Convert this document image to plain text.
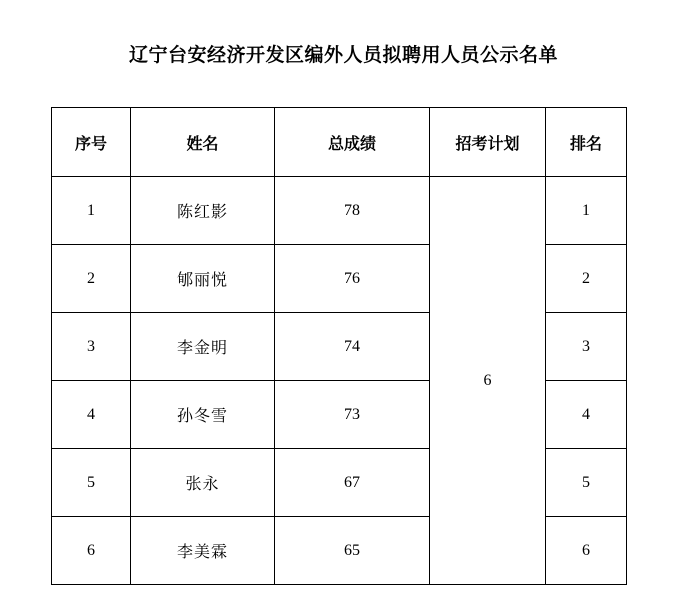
辽宁台安经济开发区编外人员拟聘用人员公示名单
序号	姓名	总成绩	招考计划	排名
1	陈红影	78	6	1
2	郇丽悦	76		2
3	李金明	74		3
4	孙冬雪	73		4
5	张永	67		5
6	李美霖	65		6
